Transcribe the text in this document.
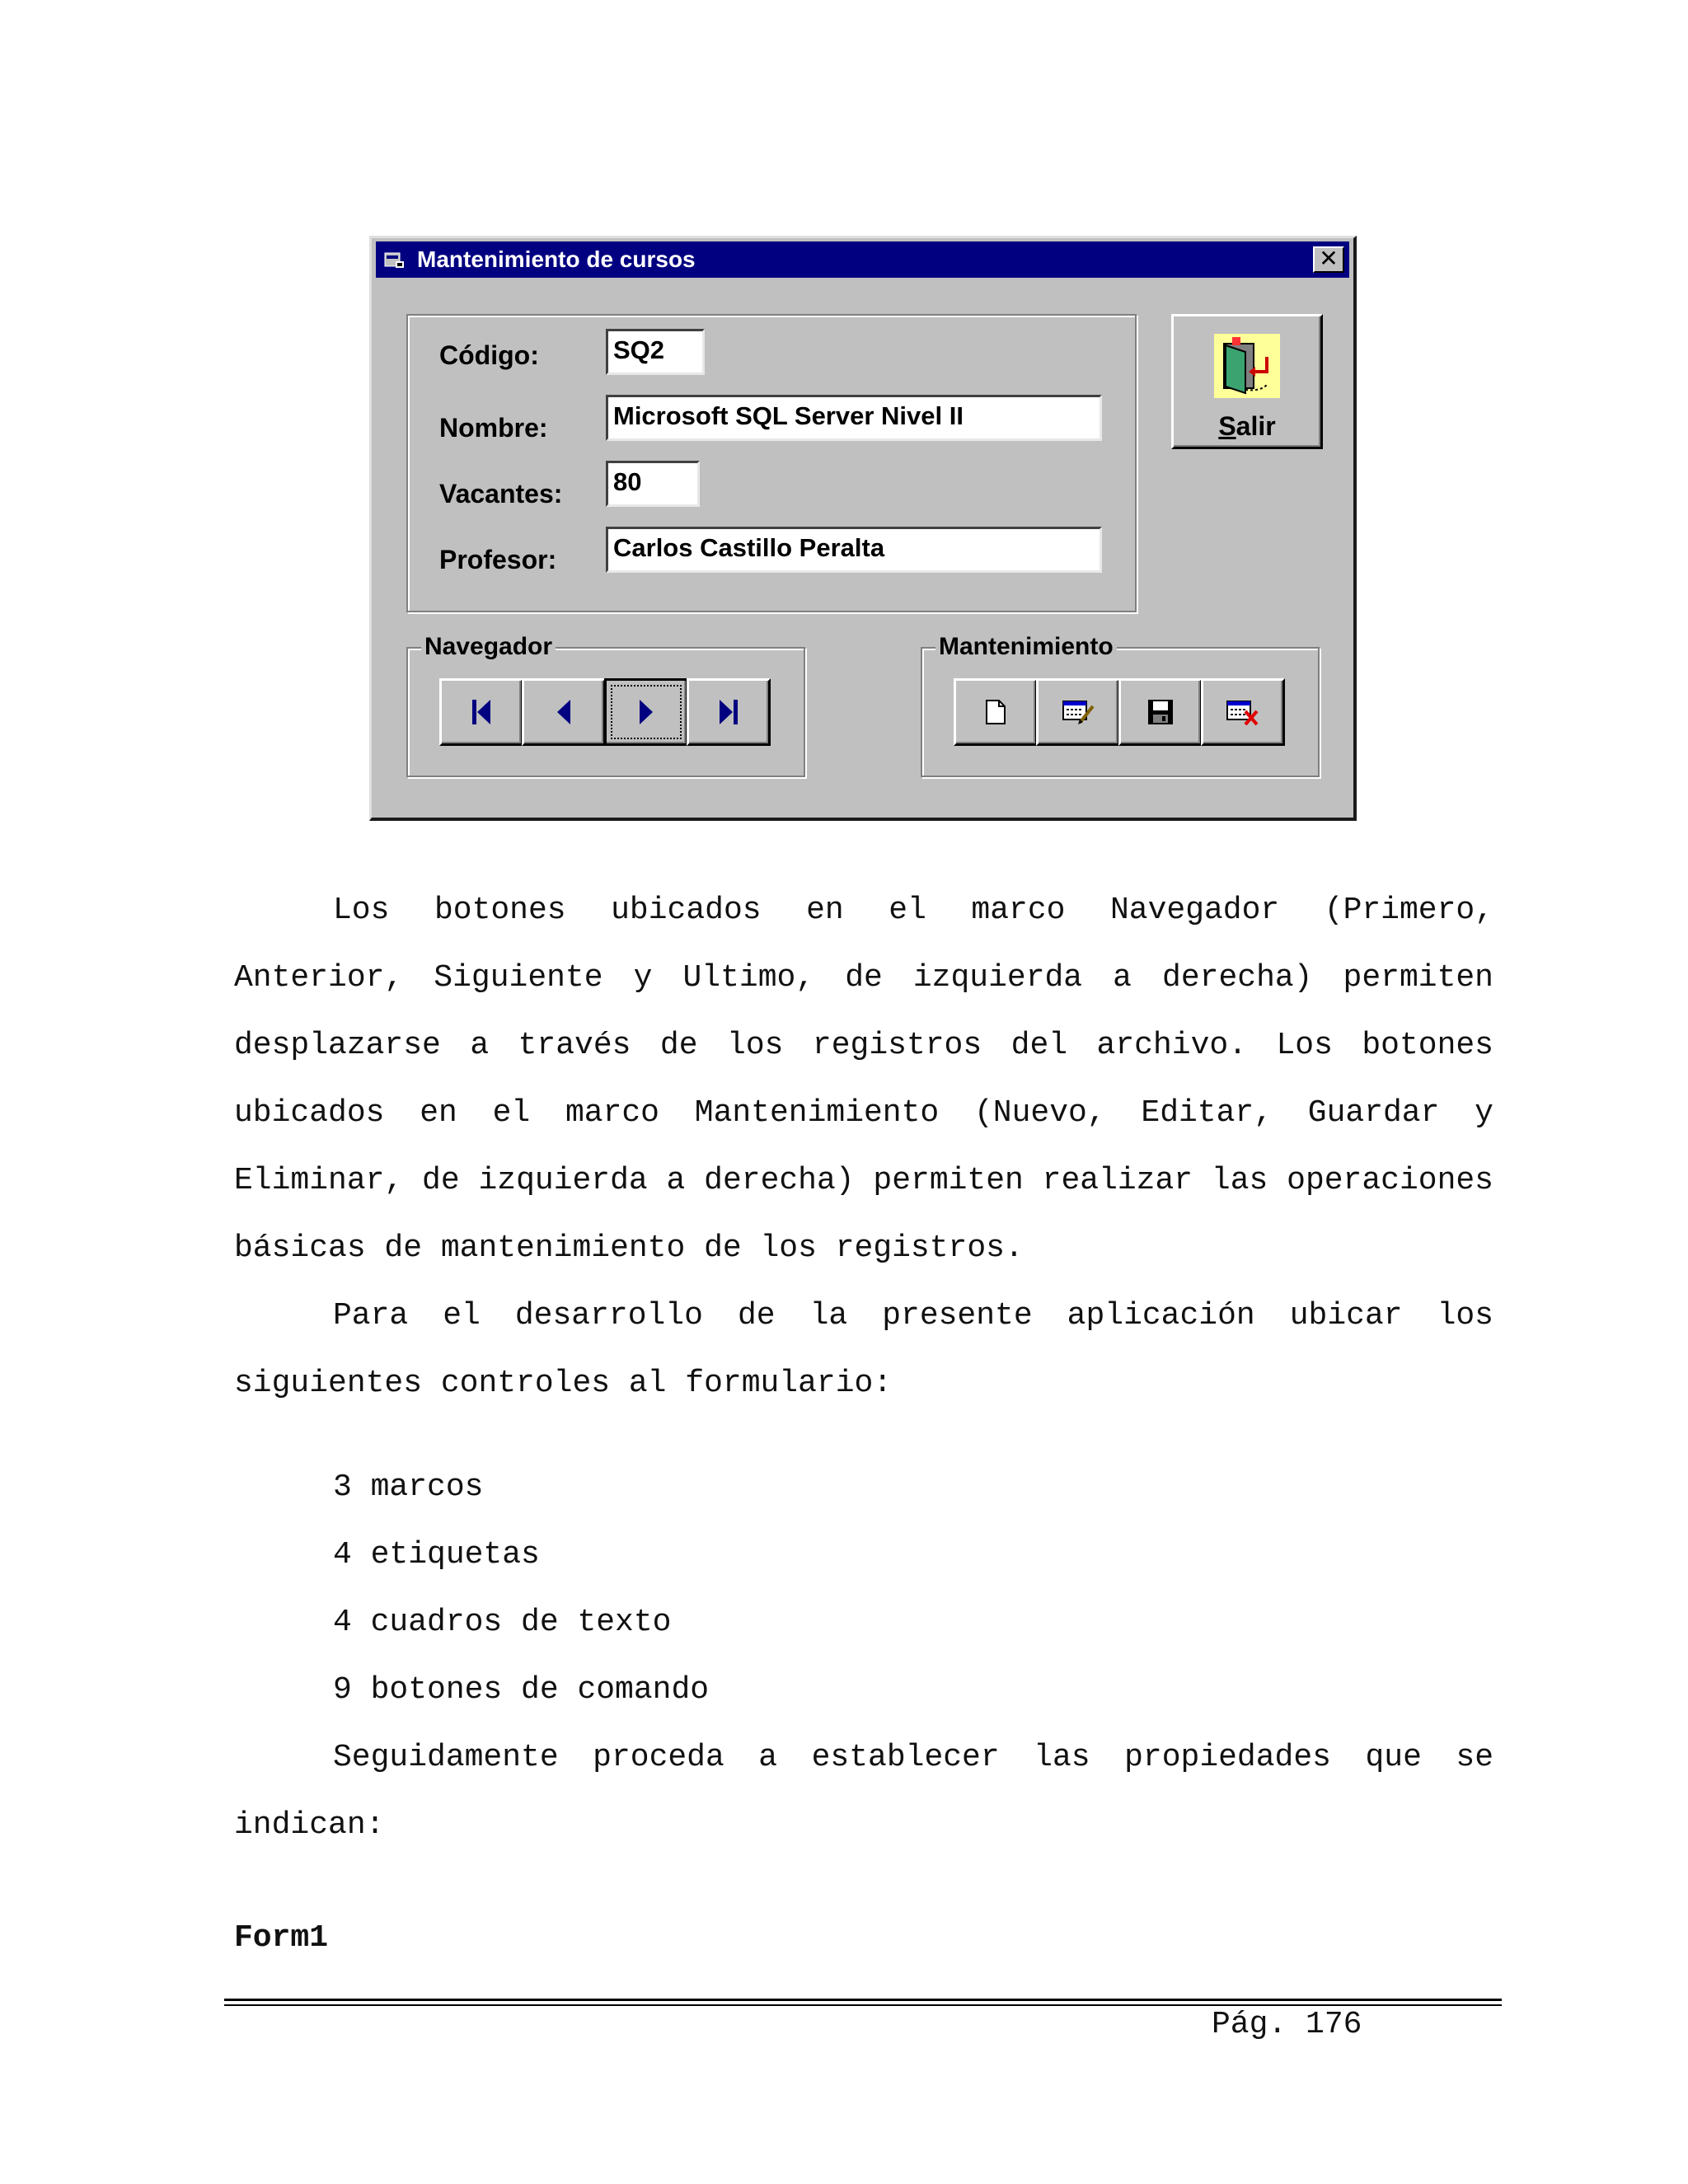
Mantenimiento de cursos	✕
Código:
Nombre:
Vacantes:
Profesor:
SQ2
Microsoft SQL Server Nivel II
80
Carlos Castillo Peralta
Salir
Navegador	Mantenimiento

Los botones ubicados en el marco Navegador (Primero, Anterior, Siguiente y Ultimo, de izquierda a derecha) permiten desplazarse a través de los registros del archivo. Los botones ubicados en el marco Mantenimiento (Nuevo, Editar, Guardar y Eliminar, de izquierda a derecha) permiten realizar las operaciones básicas de mantenimiento de los registros.

Para el desarrollo de la presente aplicación ubicar los siguientes controles al formulario:

3 marcos
4 etiquetas
4 cuadros de texto
9 botones de comando

Seguidamente proceda a establecer las propiedades que se indican:

Form1
Pág. 176
